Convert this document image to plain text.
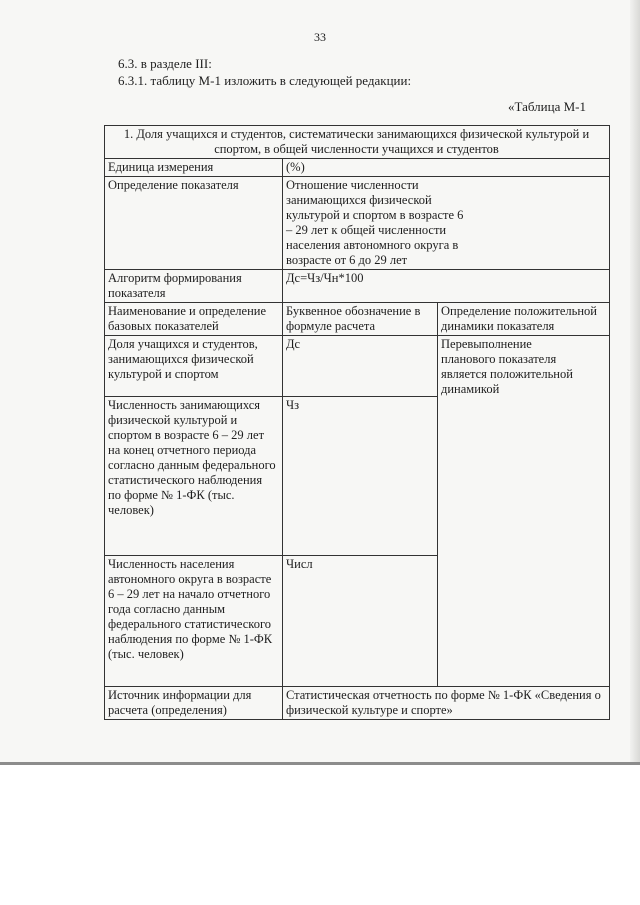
33
6.3. в разделе III:
6.3.1. таблицу М-1 изложить в следующей редакции:
«Таблица М-1
1. Доля учащихся и студентов, систематически занимающихся физической культурой и спортом, в общей численности учащихся и студентов		
Единица измерения	(%)	
Определение показателя	Отношение численности занимающихся физической культурой и спортом в возрасте 6 – 29 лет к общей численности населения автономного округа в возрасте от 6 до 29 лет	
Алгоритм формирования показателя	Дс=Чз/Чн*100	
Наименование и определение базовых показателей	Буквенное обозначение в формуле расчета	Определение положительной динамики показателя
Доля учащихся и студентов, занимающихся физической культурой и спортом	Дс	Перевыполнение планового показателя является положительной динамикой
Численность занимающихся физической культурой и спортом в возрасте 6 – 29 лет на конец отчетного периода согласно данным федерального статистического наблюдения по форме № 1-ФК (тыс. человек)	Чз	
Численность населения автономного округа в возрасте 6 – 29 лет на начало отчетного года согласно данным федерального статистического наблюдения по форме № 1-ФК (тыс. человек)	Числ	
Источник информации для расчета (определения)	Статистическая отчетность по форме № 1-ФК «Сведения о физической культуре и спорте»	
